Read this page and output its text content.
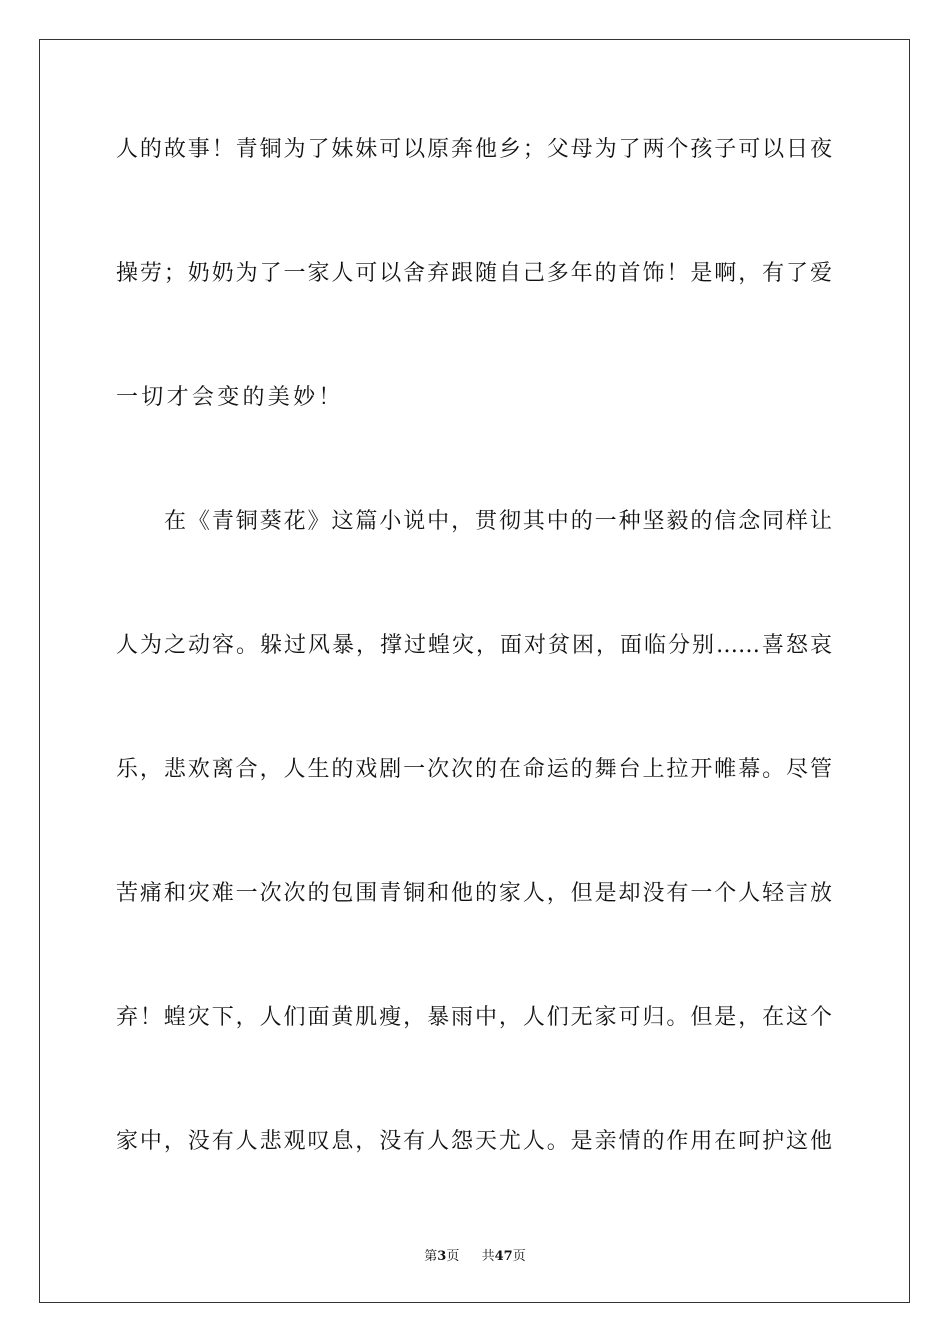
人的故事！青铜为了妹妹可以原奔他乡；父母为了两个孩子可以日夜
操劳；奶奶为了一家人可以舍弃跟随自己多年的首饰！是啊，有了爱
一切才会变的美妙！
在《青铜葵花》这篇小说中，贯彻其中的一种坚毅的信念同样让
人为之动容。躲过风暴，撑过蝗灾，面对贫困，面临分别……喜怒哀
乐，悲欢离合，人生的戏剧一次次的在命运的舞台上拉开帷幕。尽管
苦痛和灾难一次次的包围青铜和他的家人，但是却没有一个人轻言放
弃！蝗灾下，人们面黄肌瘦，暴雨中，人们无家可归。但是，在这个
家中，没有人悲观叹息，没有人怨天尤人。是亲情的作用在呵护这他
第3页 共47页
